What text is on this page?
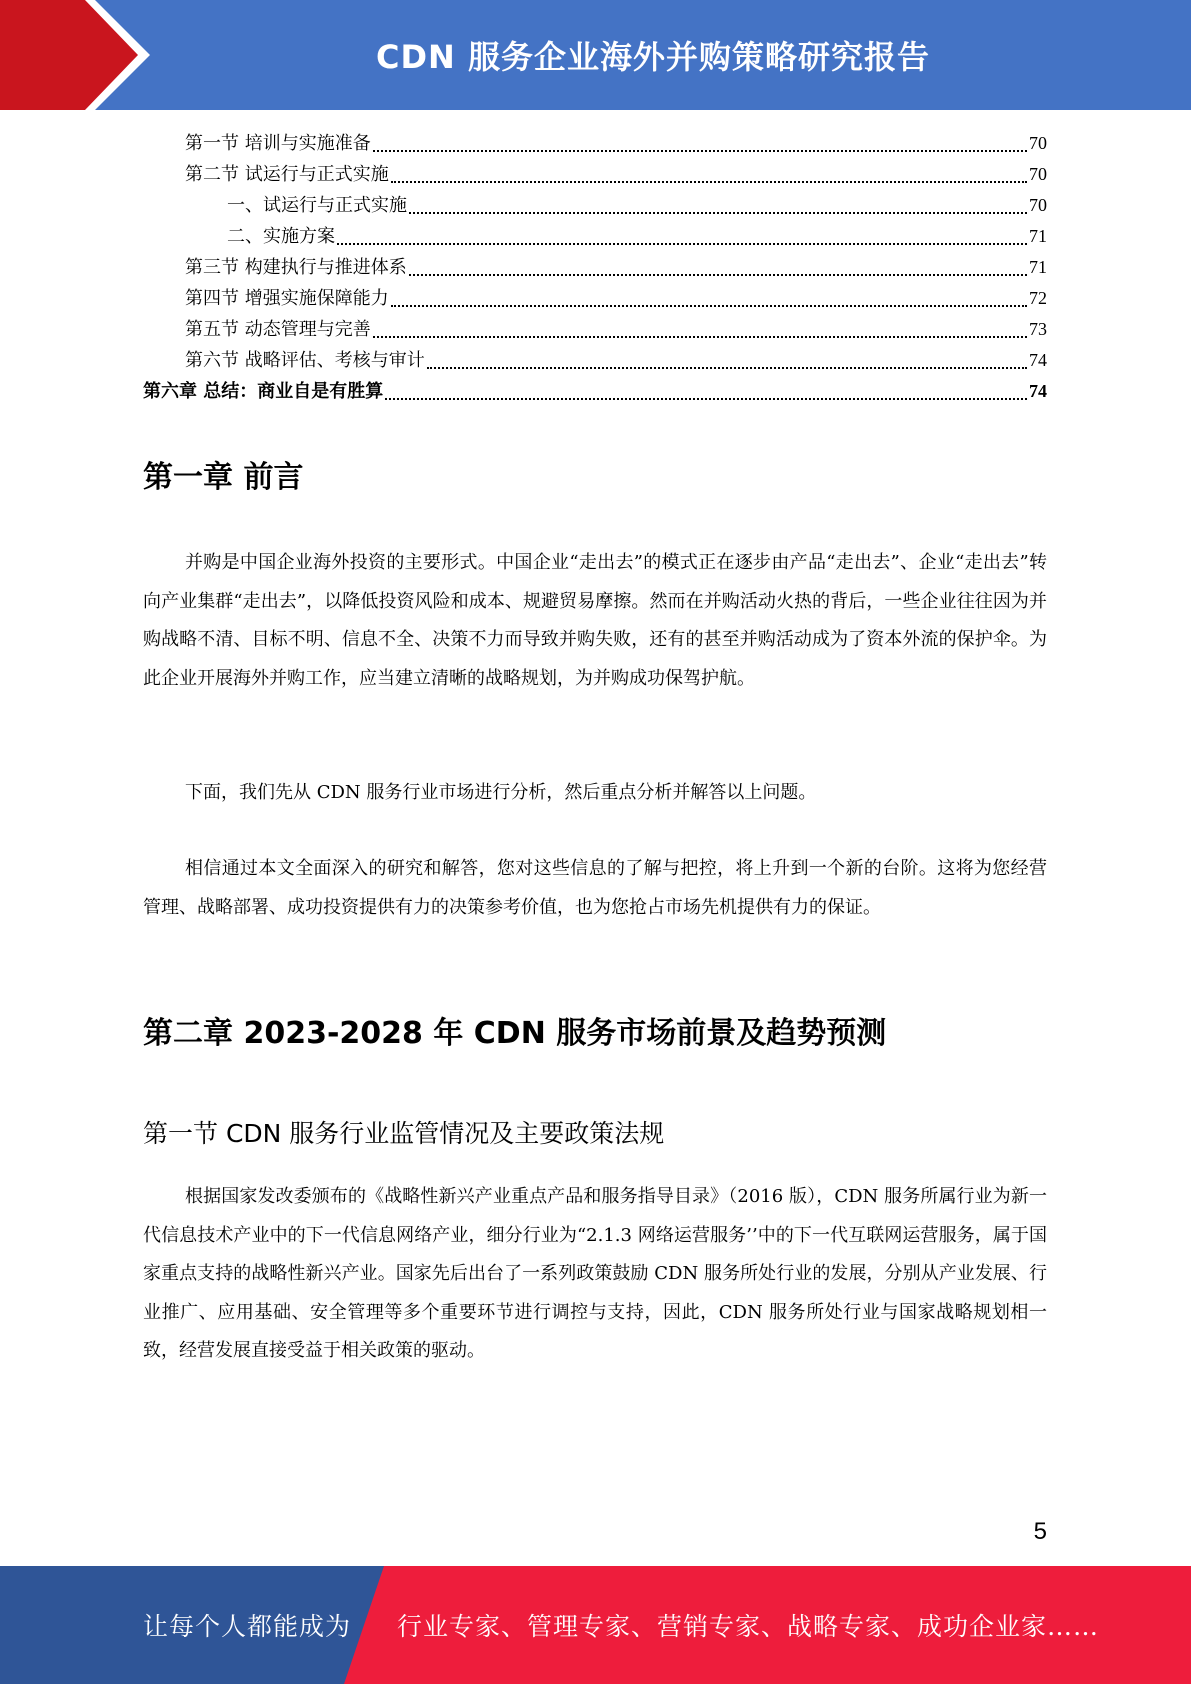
CDN 服务企业海外并购策略研究报告
第一节 培训与实施准备	70
第二节 试运行与正式实施	70
一、试运行与正式实施	70
二、实施方案	71
第三节 构建执行与推进体系	71
第四节 增强实施保障能力	72
第五节 动态管理与完善	73
第六节 战略评估、考核与审计	74
第六章 总结：商业自是有胜算	74
第一章 前言

并购是中国企业海外投资的主要形式。中国企业“走出去”的模式正在逐步由产品“走出去”、企业“走出去”转向产业集群“走出去”，以降低投资风险和成本、规避贸易摩擦。然而在并购活动火热的背后，一些企业往往因为并购战略不清、目标不明、信息不全、决策不力而导致并购失败，还有的甚至并购活动成为了资本外流的保护伞。为此企业开展海外并购工作，应当建立清晰的战略规划，为并购成功保驾护航。

下面，我们先从 CDN 服务行业市场进行分析，然后重点分析并解答以上问题。

相信通过本文全面深入的研究和解答，您对这些信息的了解与把控，将上升到一个新的台阶。这将为您经营管理、战略部署、成功投资提供有力的决策参考价值，也为您抢占市场先机提供有力的保证。

第二章 2023-2028 年 CDN 服务市场前景及趋势预测
第一节 CDN 服务行业监管情况及主要政策法规

根据国家发改委颁布的《战略性新兴产业重点产品和服务指导目录》（2016 版），CDN 服务所属行业为新一代信息技术产业中的下一代信息网络产业，细分行业为“2.1.3 网络运营服务’’中的下一代互联网运营服务，属于国家重点支持的战略性新兴产业。国家先后出台了一系列政策鼓励 CDN 服务所处行业的发展，分别从产业发展、行业推广、应用基础、安全管理等多个重要环节进行调控与支持，因此，CDN 服务所处行业与国家战略规划相一致，经营发展直接受益于相关政策的驱动。

5
让每个人都能成为 行业专家、管理专家、营销专家、战略专家、成功企业家……
